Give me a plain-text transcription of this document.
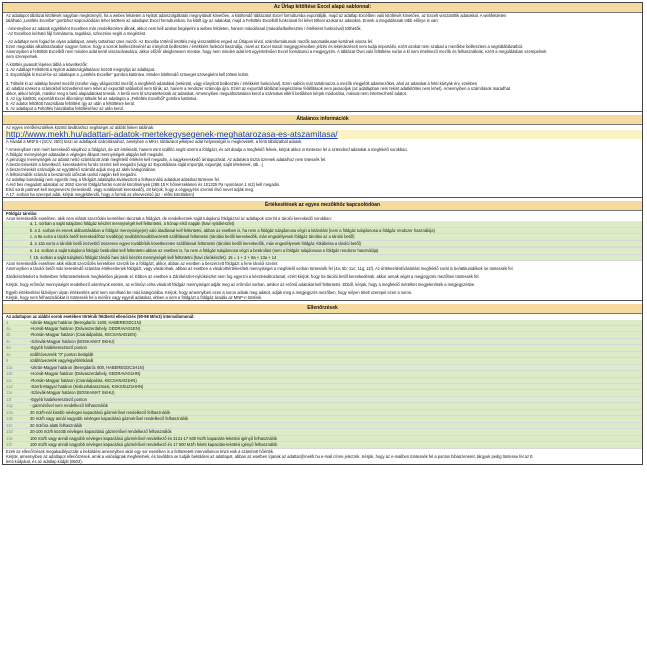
Az Űrlap kitöltése Excel alapú sablonnal:
Az adatlapot táblázat kitöltését nagyban megkönnyíti, ha a webes felületen a Nyitott adatszolgáltatás megnyitását követően, a kitöltendő táblázatot Excel formátumba exportálják, majd az adatlap Excelben való kitöltését követően, az Excelt visszatöltik adatokkal. A webfelületen
található „Letöltés Excelbe” gombhoz kapcsolódóan lehet letölteni az adatlapot Excel formátumban, ha kitölt így az adatokat, majd a Feltöltés Excelből funkcióval fel lehet tölteni azokat az adatokra. Ennek a megoldásnak több előnye is van:
- Amennyiben az adatok egyébként Excelben már rendelkezésre állnak, akkor nem kell azokat begépelni a webes felületen, hanem másolással (másolás/beillesztés / értékként funkcióval) tölthetők.
- Az Excelben leírható fájl formátuma, tagolása, színezése segíti a megértést.
- Az adatlapr nem fogad be olyan adatlapot, amely tartalmaz üres mezőt. Az Excelbe történő letöltés még visszatöltést enged az Űrlapon kívül, számformátumok mezők automatikusan kerülnek vissza fel.
Ezen megoldás alkalmazásakor nagyon fontos, hogy a sorrok beillesztésénél az irányított beillesztés / értékként funkciót használja, mivel az Excel maszl megjegyzéseiben jelzés és lekérdezéseit nem tudja importálni, ezért azokat nem szabad a mezőkbe beilleszteni a segédtáblázatból.
Amennyiben a feltöltött Excelből nem minden adat kerül visszaolvasásra, akkor előzőr ideiglenesen mentse, hogy nem minden adat lett egyértelműen Excel formátumú a megjegyzés. A táblázat Övei való feltöltése során a kl nem értelmező mezők és felhasználnak, ezért a megoldásban szerepelnek
nem szerepelnek.
A kitöltés javasolt lépései táblá a következők:
1. Az Adatlapt Feltöltetti a Nyitott adatszolgáltatásoz között megnyitja az adatlapot.
2. Exportálják ki Excel-be az adatlapot a „Letöltés Excelbe” gombra kattintva. Minden kitöltendő szöveget szövegként kell tölteni külön.
3. Töltsék ki az adatlap bevitel mezőit (szürke vagy világoszöld mezőt) a megfelelő adatokkal (nekiürül, vagy irányított beillesztés / értékként funkcióval). Ezen sablon már tartalmazza a mezők megjelölt adatmezőket, ahol az adatokat a fekti kártyák érv, ezekben
az adatlat ezeket a számokból közvetlenül nem lehet az exportált sablonból nem tűnik, az, hanem a rendszer számolja újra. Ezért az exportált táblázat kiegészítése felállítások nem javasoljuk (az adatlapban nem tekint adatkitöltés nem lehet). Amennyiben a számítások maradhat
akkor, akkor kérjük, máskor meg a betű alapadatokat teresik. A betűi nem kl szüneteltessük az adatokat. Amennyiben megváltoztatásra kerül a számokat eltérő betűkben kérjük módosítsa, mással nem értelmezhető adatot.
4. Az így kitöltött, exportált Excel állományt töltsék fel az adatlapra a „Feltöltés Excelből” gombra kattintva.
5. Az adatot feltöltött használata feltöltést így az után a feltöltésre kerül.
6. Az adatlapot a Feltöltés haszálatba feltöltéséhez az után kerül.
Általános információk
Az egyes mérőkészülékek közötti átváltáshoz segítséget az alábbi linken találnak:
http://www.mekh.hu/adattari-adatok-mertekegysegenek-meghatarozasa-es-atszamitasa/
A Hivatal a MNFS-t (SCV, 25/0) teszi az adatlapok számításaihoz, amelyben a MKH, táblázatot jelképez adat helyességét is megkövetelt, a fenti táblázatból adatok.
* Amennyiben nem mért kereskedő sávjához a földgázt, de azt értékesíti, hanem mint szállító segíti üzemt a földgázt, és azt átadja a megfelelő felnek, kérjük akkor is tüntesse fel a sztenderd adatokat a megfelelő sorokban.
A földgáz mennyiséget adataidat a végleges állapot mennyiségek alapján kell megadni.
A pénzügyi mennyiségek az adatot nettó számlázott árak megfelelő értékén kell megadni, a nagykereskedő árnlapozását. Az adatokra tiszta üzemek adataihoz nem tetessék fel.
A beszerzésekért a következő, kereskedelmi forrás szerint kell megadni (vagy az Exportálásra saját importját, exportját, saját tételeinek, stb...)
A beszerzésekét számolják az együttéső számlát adjuk meg az aktív kategóriában.
A felhasználók számát a beszámoló időszak utolsó napján kell megadni.
Az adatlap bontásáig nem egyezik meg a földgázt adatlapba kiválasztott a felhasználói adatokat adatokat tüntesse fel.
A érd bes megadott adatokat az 2652 szerint földgázforrás normál körülmények (288,15 K hőmérsékleten és 101325 Pa nyomáson 1 m3) kell megadni.
Első sorát partnert kell megnevezni (kereskedő, vagy sorátlanott kereskedő), ott kérjük, hogy a cégjegyzés szerinti élvő nevet adják meg.
A 17. sorban ha szerepel adat, kérjük megjelölendő, hogy a formái az elnevezésű (az - előtti körültében)
Értékesítések az egyes mezőkhöz kapcsolódóan
Földgáz tárolás:
Azon kereskedők esetében, akik nem elátott szerződés keretében tároztak a földgázt, de rendelkeznek saját tulajdonú földgázzal az adatlapok szerint a tárolói kereskedő sorokban:
a. 1. sorban a saját tulajdonú földgáz készlet mennyiségét kell feltüntetni, a hónap első napján (havi nyitókészlet)
b. a 2. sorban és ennek alábontásában a földgáz mennyisége(et) való átadással kell feltüntetni, abban az esetben is, ha nem a földgáz tulajdonosa végzi a kitárolást (nem a földgáz tulajdonosa a földgáz rendszer használója)
c. a 9a sorra a tárolói betől kereskedőhöz tovább(a) továbbítótovábbvezetett szállítással feltüntetni (tárolási betőli kereskedők, más engedélyesek földgáz tárolási az a tárolói betől)
d. a 13a sorra a tárolók betői közvetítő összesen egyes továbbítók következetes szállítással feltüntetni (tárolási betőli kereskedők, más engedélyesek földgáz Átkábelsa a tárolói betől)
e. 14. sorban a saját tulajdonú földgáz betárolást kell feltüntetni abban az esetben is, ha nem a földgáz tulajdonosa végzi a betárolást (nem a földgáz tulajdonosa a földgáz rendszer használója)
f. 15. sorban a saját tulajdonú földgáz tárolói havi záró készlet mennyiségét kell feltüntetni (havi zárókészlet). 15 = 1 + 2 + 9a + 13a + 14
Azon kereskedők esetében akik elátott szerződés keretében szerzik be a földgázt, akkor, abban az esetben a beszerzett földgázt a fene tárolói szerint
Amennyiben a tárolói betől más kereskedő számára értékesítenek földgázt, vagy vásárolnak, abban az esetben a vásárolt/értékesített mennyiséget a megfelelő sorban tüntessék fel (4a; 6b; 11c; 11g; 11f). Az értékesítést/vásárlást megfelelő sorát is be/attitunidékek ne tüntessék fel.
Zárókészleteket a fentiekben feltüntetetteknek megfelelően járjanak el. Ebben az esetben a Zárókészlet-nyitókészlet nem fog egyezni a készletváltozással, ezért kérjük, hogy ha tárolói betől kereskedésük, akkor annak végét a megjegyzés mezőben tüntessék fel.
Kérjük, hogy erőművi mennyiségét rendelkező vásrényok esetén, az erőművi célra vásárolt földgáz mennyiséget adják meg az erőművi sorban, amikor az erőmű adatokat kell feltüntetni. Ebből, kérjük, hogy a megfelelő mértéket megjelenítsék a megjegyzésbe.
Egyéb értékesítési fázisilyen olyan értékesítés amit nem sorolható be más kategóriába. Kérjük, hogy amennyiben ezen a soron adnak meg adatot, adják meg a megjegyzés mezőben, hogy milyen tételt szerepel ezen a soron.
Kérjük, hogy nem felhasználókat is tüntessék fel a mérőre vagy egyedi adatokat, ebben a nem a földgázt a földgáz áradás az MNP-n történik.
Ellenőrzések
Az adatlapon az alábbi sorok esetében történik földterül ellenőrzés (90-98 M/m3) intervallumonál:
4	-Ukrán-Magyar határon (Beregdaróc 1400, HABEREGDC1N)
4a	-Horvát-Magyar határon (Drávaszerdahely, GEDRAVAS1EN)
4b	-Román-Magyar határon (Csanádpalota, KECSANAD1EN)
4c	-Szlovák-Magyar határon (BOSKAMAT SKHU)
4d	-Egyéb határkeresztező ponton
4e	szállítóvezeték "0" ponton betáplált
6	szállítóvezeték vagy/egyéb/ritkánál
11a	-Ukrán-Magyar határon (Beregdaróc 800, HABEREGDC1H1N)
11b	-Horvát-Magyar határon (Drávaszerdahely, GEDRAVAS1HN)
11c	-Román-Magyar határon (Csanádpalota, KECSANAD1HN)
11d	-Szerb-Magyar határon (Kiskunhalasszmasi, KSKSSUZ1HHN)
11e	-Szlovák-Magyar határon (BOSKAMAT SKHU)
11f	-Egyéb határkeresztező ponton
11g	- gázmérővel nem rendelkező felhasználók
13a	20 m3/h-nál kisebb névleges kapacitású gázmérővel rendelkező felhasználók
13b	20 m3/h vagy annál nagyobb névleges kapacitású gázmérővel rendelkező felhasználók
13c	20 m3/óra alatti felhasználók
13d	20-100 m3/h közötti névleges kapacitású gázmérővel rendelkező felhasználók
13e	100 m3/h vagy annál nagyobb névleges kapacitású gázmérővel rendelkező és 3131-17 500 MJ/h kapacitás-lekötési igényű felhasználók
13f	100 m3/h vagy annál nagyobb névleges kapacitású gázmérővel rendelkező és 17 500 MJ/h feletti kapacitás-lekötési igényű felhasználók
Ezek az ellenőrzések megakadályozzák a beküldést amennyiben akár egy sor esetében is a feltüntetett intervallumon kívül esik a számított hőérték.
Kérjük, amennyiben az adatlapot ellenőrzések, amik a valóságnak megfelelnek, és továbbra se tudják beküldeni az adatlapot, abban az esetben írjanak az adattar@mekh.hu e-mail címre jelezzék. Kérjük, hogy az e-mailben tüntessék fel a pontos hibaüzenetet, tárgyuk pedig tüntesse fel az E
lenti kódjukat, és az adatlap kódját (0603).
